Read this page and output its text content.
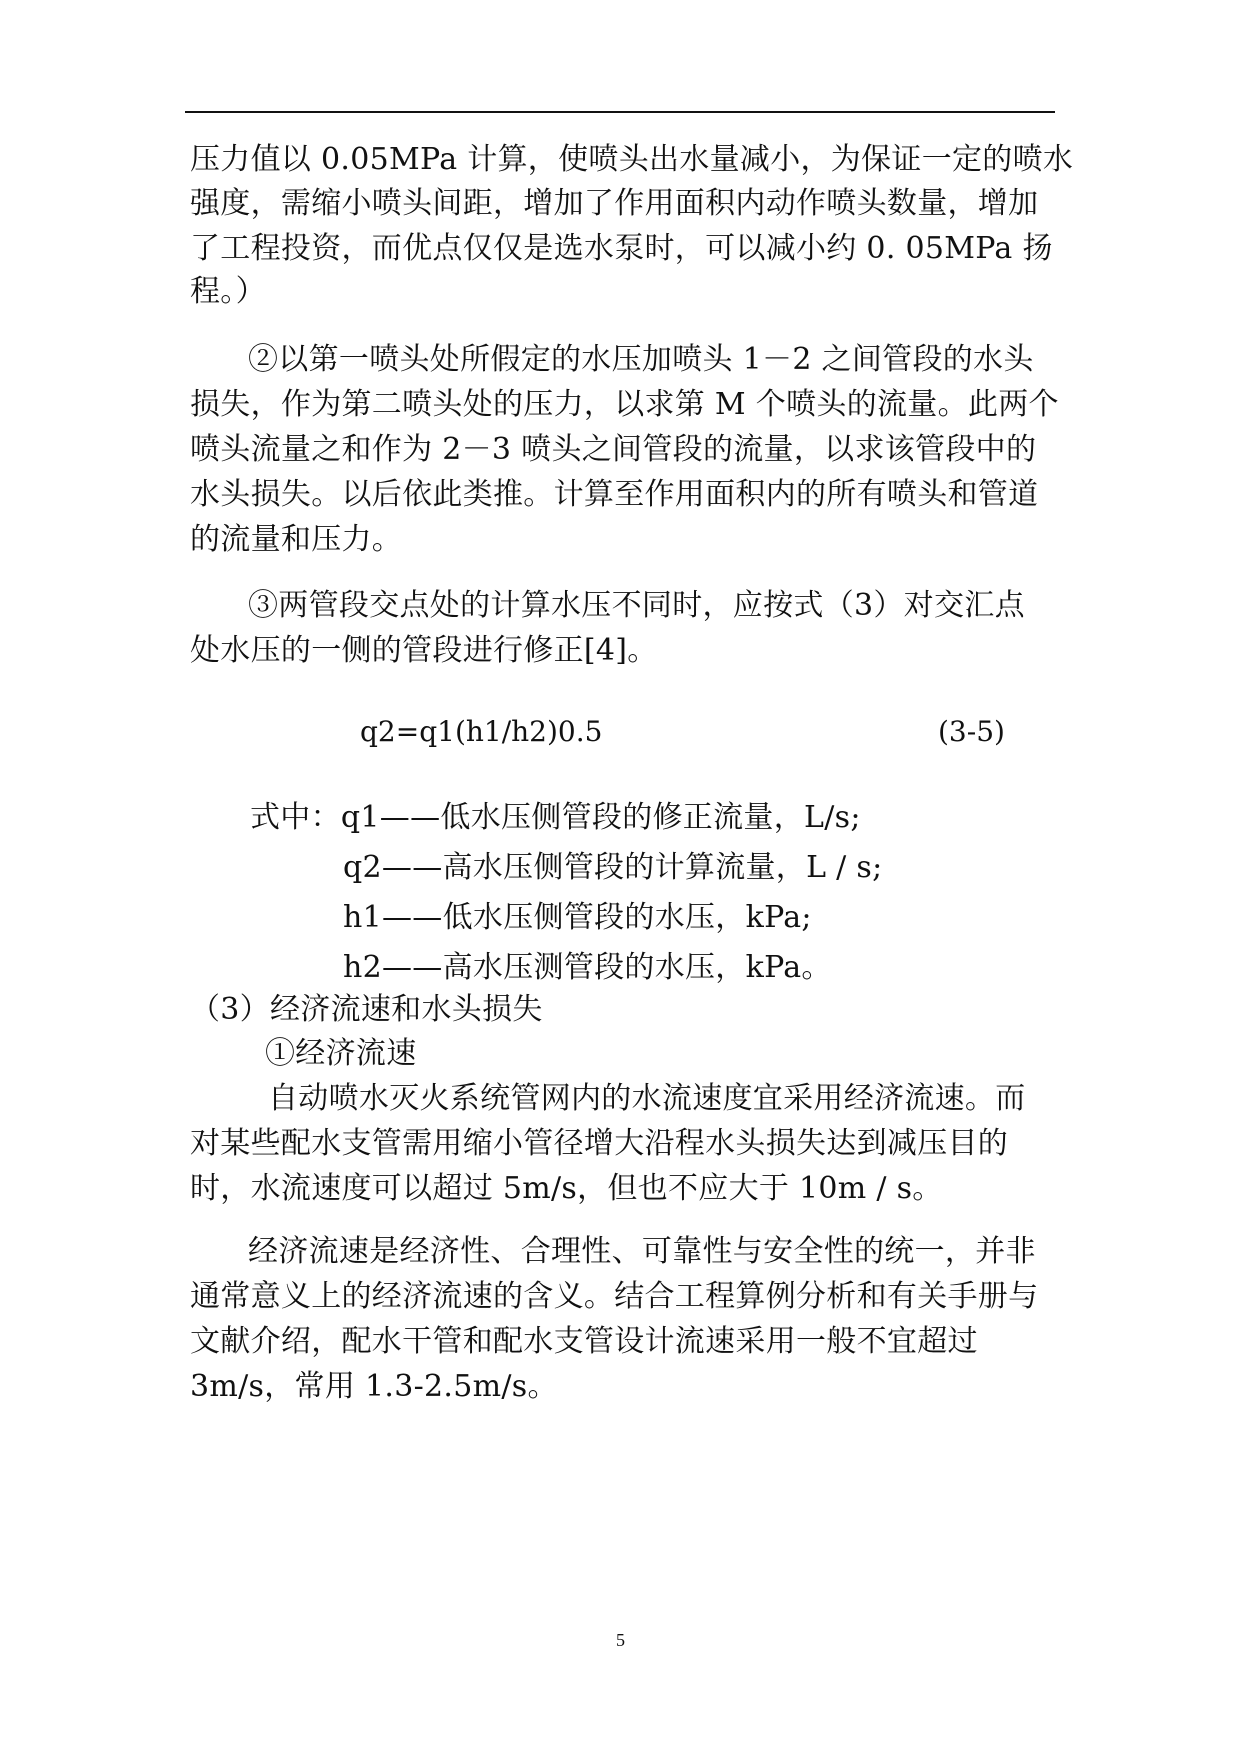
压力值以 0.05MPa 计算，使喷头出水量减小，为保证一定的喷水
强度，需缩小喷头间距，增加了作用面积内动作喷头数量，增加
了工程投资，而优点仅仅是选水泵时，可以减小约 0. 05MPa 扬
程。）
②以第一喷头处所假定的水压加喷头 1－2 之间管段的水头
损失，作为第二喷头处的压力，以求第 M 个喷头的流量。此两个
喷头流量之和作为 2－3 喷头之间管段的流量，以求该管段中的
水头损失。以后依此类推。计算至作用面积内的所有喷头和管道
的流量和压力。
③两管段交点处的计算水压不同时，应按式（3）对交汇点
处水压的一侧的管段进行修正[4]。
q2=q1(h1/h2)0.5	(3-5)
式中：q1——低水压侧管段的修正流量，L/s;
q2——高水压侧管段的计算流量，L / s;
h1——低水压侧管段的水压，kPa;
h2——高水压测管段的水压，kPa。
（3）经济流速和水头损失
①经济流速
自动喷水灭火系统管网内的水流速度宜采用经济流速。而
对某些配水支管需用缩小管径增大沿程水头损失达到减压目的
时，水流速度可以超过 5m/s，但也不应大于 10m / s。
经济流速是经济性、合理性、可靠性与安全性的统一，并非
通常意义上的经济流速的含义。结合工程算例分析和有关手册与
文献介绍，配水干管和配水支管设计流速采用一般不宜超过
3m/s，常用 1.3-2.5m/s。
5
